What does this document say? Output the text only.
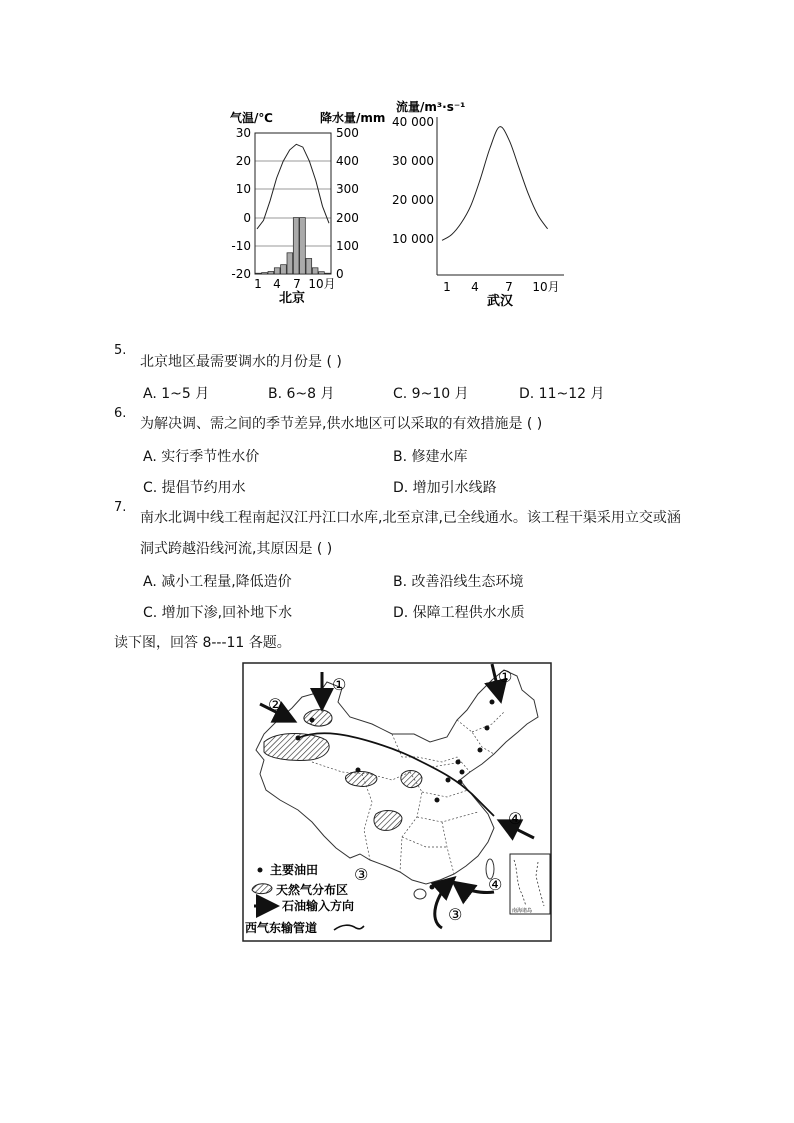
气温/℃	降水量/mm
30
20
10
0
-10
-20
500
400
300
200
100
0
1 4 7 10月
北京
流量/m³·s⁻¹
40 000
30 000
20 000
10 000
1 4 7 10月
武汉
5.
北京地区最需要调水的月份是 ( )
A. 1~5 月	B. 6~8 月	C. 9~10 月	D. 11~12 月
6.
为解决调、需之间的季节差异,供水地区可以采取的有效措施是 ( )
A. 实行季节性水价	B. 修建水库
C. 提倡节约用水	D. 增加引水线路
7.
南水北调中线工程南起汉江丹江口水库,北至京津,已全线通水。该工程干渠采用立交或涵
洞式跨越沿线河流,其原因是 ( )
A. 减小工程量,降低造价	B. 改善沿线生态环境
C. 增加下渗,回补地下水	D. 保障工程供水水质
读下图，回答 8---11 各题。
①
②
①
③
④
③
④
主要油田
天然气分布区
石油输入方向
西气东输管道
南海诸岛
